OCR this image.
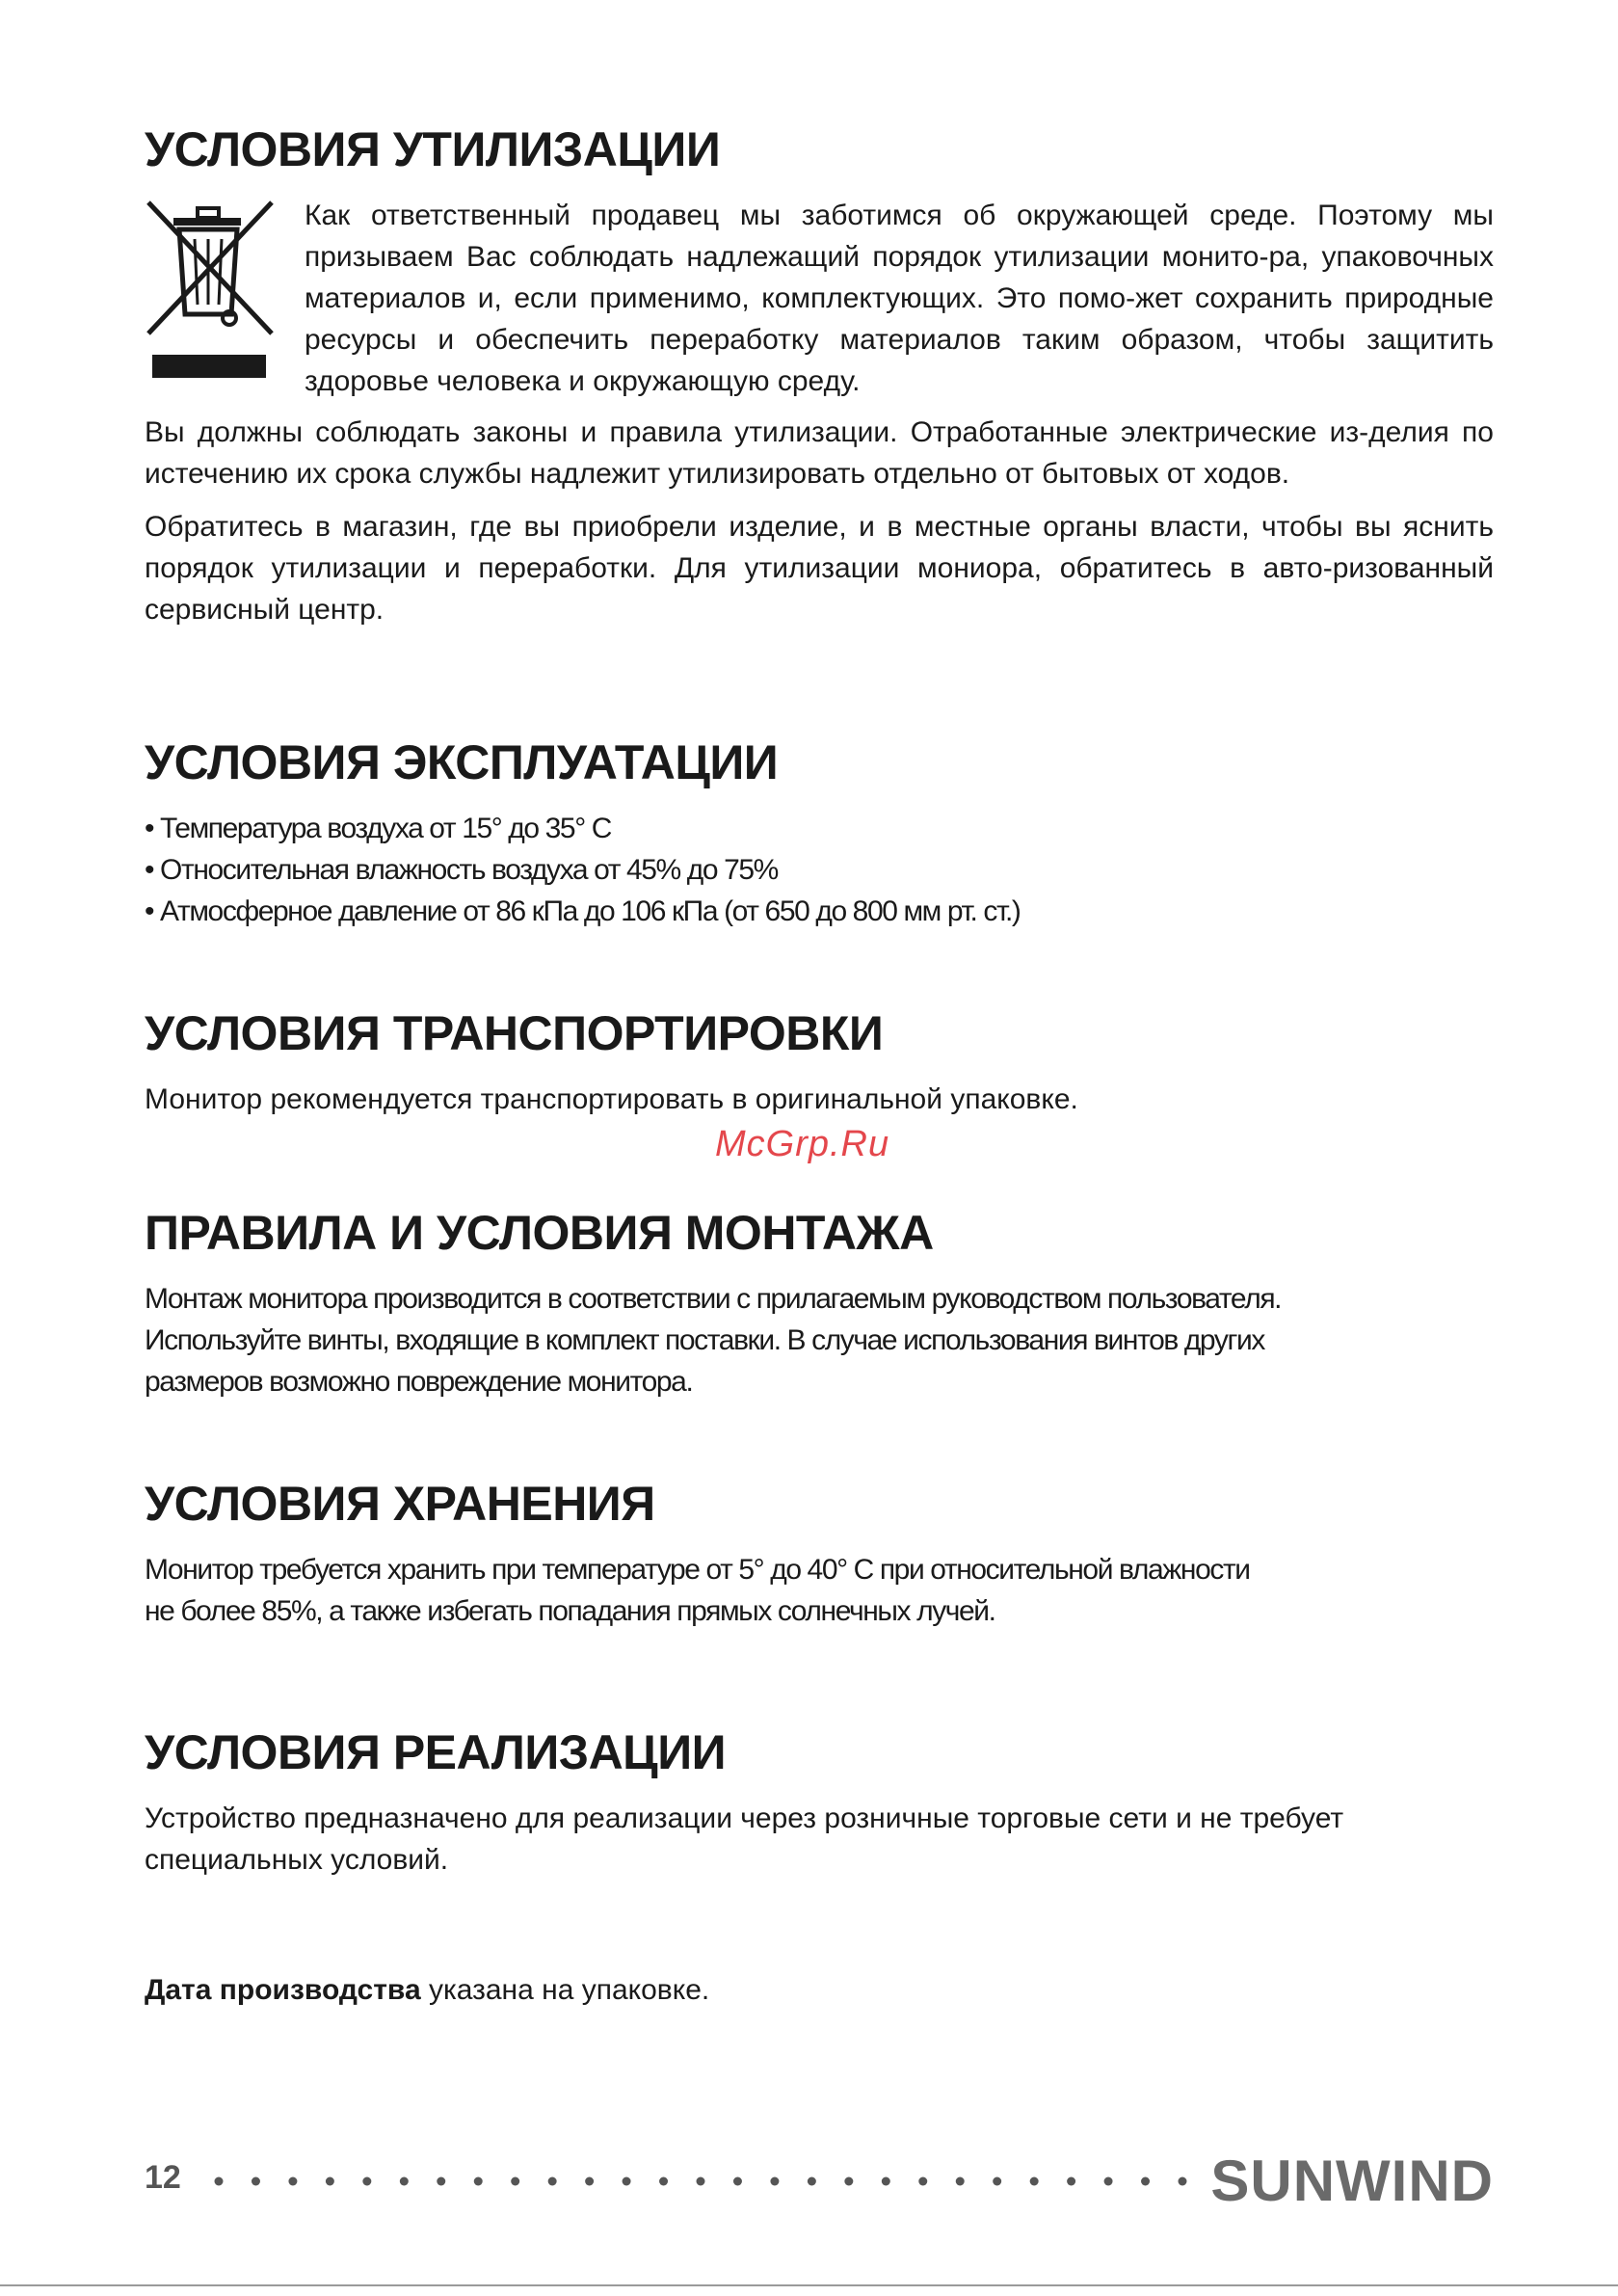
УСЛОВИЯ УТИЛИЗАЦИИ
Как ответственный продавец мы заботимся об окружающей среде. Поэтому мы призываем Вас соблюдать надлежащий порядок утилизации монито-ра, упаковочных материалов и, если применимо, комплектующих. Это помо-жет сохранить природные ресурсы и обеспечить переработку материалов таким образом, чтобы защитить здоровье человека и окружающую среду.

Вы должны соблюдать законы и правила утилизации. Отработанные электрические из-делия по истечению их срока службы надлежит утилизировать отдельно от бытовых от ходов.

Обратитесь в магазин, где вы приобрели изделие, и в местные органы власти, чтобы вы яснить порядок утилизации и переработки. Для утилизации мониора, обратитесь в авто-ризованный сервисный центр.

УСЛОВИЯ ЭКСПЛУАТАЦИИ
• Температура воздуха от 15° до 35° С
• Относительная влажность воздуха от 45% до 75%
• Атмосферное давление от 86 кПа до 106 кПа (от 650 до 800 мм рт. ст.)
УСЛОВИЯ ТРАНСПОРТИРОВКИ

Монитор рекомендуется транспортировать в оригинальной упаковке.

ПРАВИЛА И УСЛОВИЯ МОНТАЖА

Монтаж монитора производится в соответствии с прилагаемым руководством пользователя.

Используйте винты, входящие в комплект поставки. В случае использования винтов других

размеров возможно повреждение монитора.

УСЛОВИЯ ХРАНЕНИЯ

Монитор требуется хранить при температуре от 5° до 40° С при относительной влажности

не более 85%, а также избегать попадания прямых солнечных лучей.

УСЛОВИЯ РЕАЛИЗАЦИИ

Устройство предназначено для реализации через розничные торговые сети и не требует специальных условий.

Дата производства указана на упаковке.

McGrp.Ru
12	SUNWIND
